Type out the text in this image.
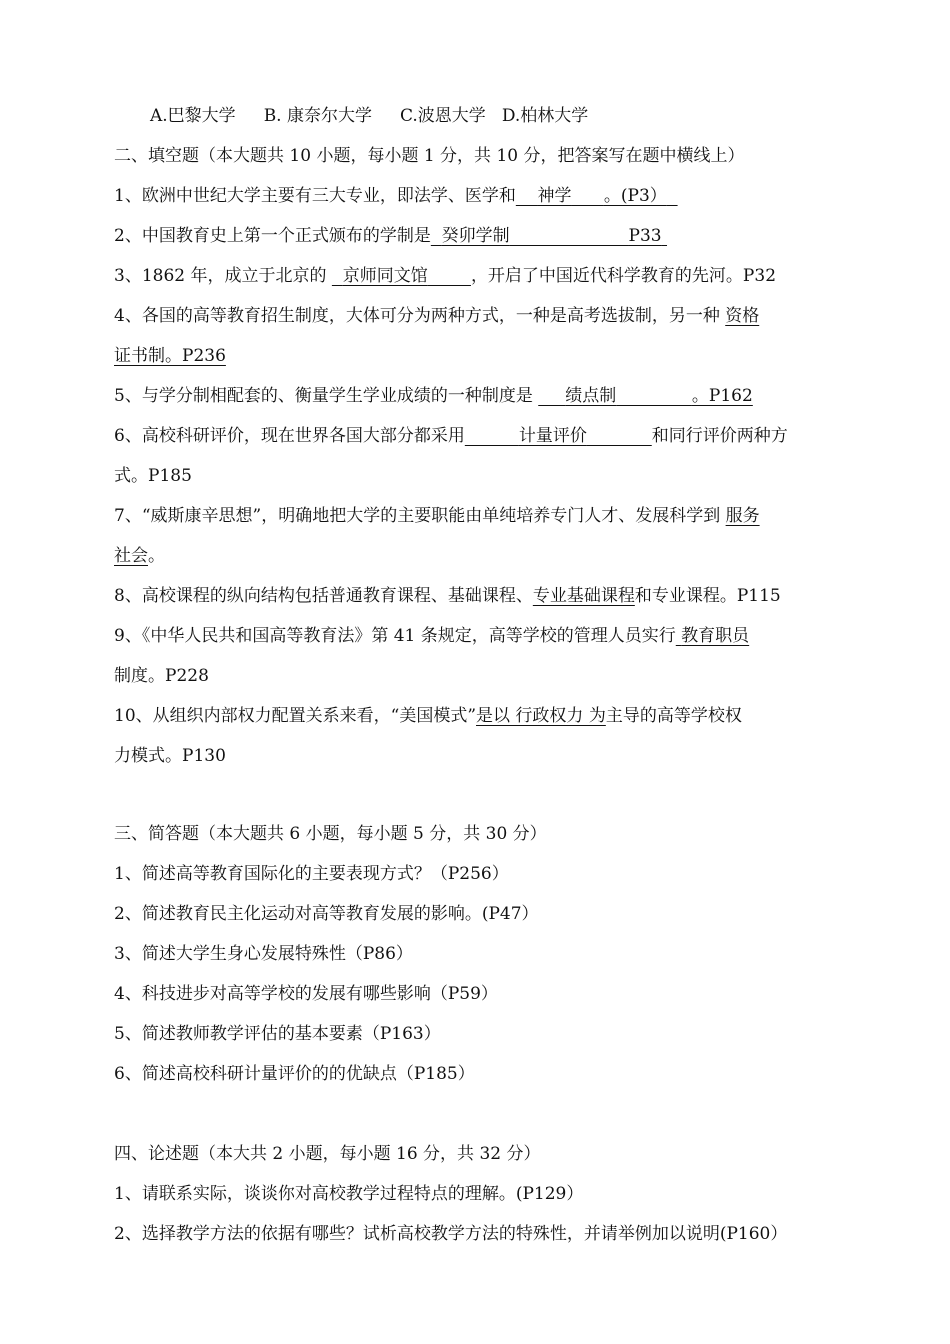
A.巴黎大学 B. 康奈尔大学 C.波恩大学 D.柏林大学
二、填空题（本大题共 10 小题，每小题 1 分，共 10 分，把答案写在题中横线上）
1、欧洲中世纪大学主要有三大专业，即法学、医学和 神学 。(P3）
2、中国教育史上第一个正式颁布的学制是 癸卯学制	P33
3、1862 年，成立于北京的 京师同文馆	，开启了中国近代科学教育的先河。P32
4、各国的高等教育招生制度，大体可分为两种方式，一种是高考选拔制，另一种 资格
证书制。P236
5、与学分制相配套的、衡量学生学业成绩的一种制度是 绩点制	。P162
6、高校科研评价，现在世界各国大部分都采用	计量评价	和同行评价两种方
式。P185
7、“威斯康辛思想”，明确地把大学的主要职能由单纯培养专门人才、发展科学到 服务
社会。
8、高校课程的纵向结构包括普通教育课程、基础课程、专业基础课程和专业课程。P115
9、《中华人民共和国高等教育法》第 41 条规定，高等学校的管理人员实行 教育职员
制度。P228
10、从组织内部权力配置关系来看，“美国模式”是以 行政权力 为主导的高等学校权
力模式。P130
三、简答题（本大题共 6 小题，每小题 5 分，共 30 分）
1、简述高等教育国际化的主要表现方式？（P256）
2、简述教育民主化运动对高等教育发展的影响。(P47）
3、简述大学生身心发展特殊性（P86）
4、科技进步对高等学校的发展有哪些影响（P59）
5、简述教师教学评估的基本要素（P163）
6、简述高校科研计量评价的的优缺点（P185）
四、论述题（本大共 2 小题，每小题 16 分，共 32 分）
1、请联系实际，谈谈你对高校教学过程特点的理解。(P129）
2、选择教学方法的依据有哪些？试析高校教学方法的特殊性，并请举例加以说明(P160）
